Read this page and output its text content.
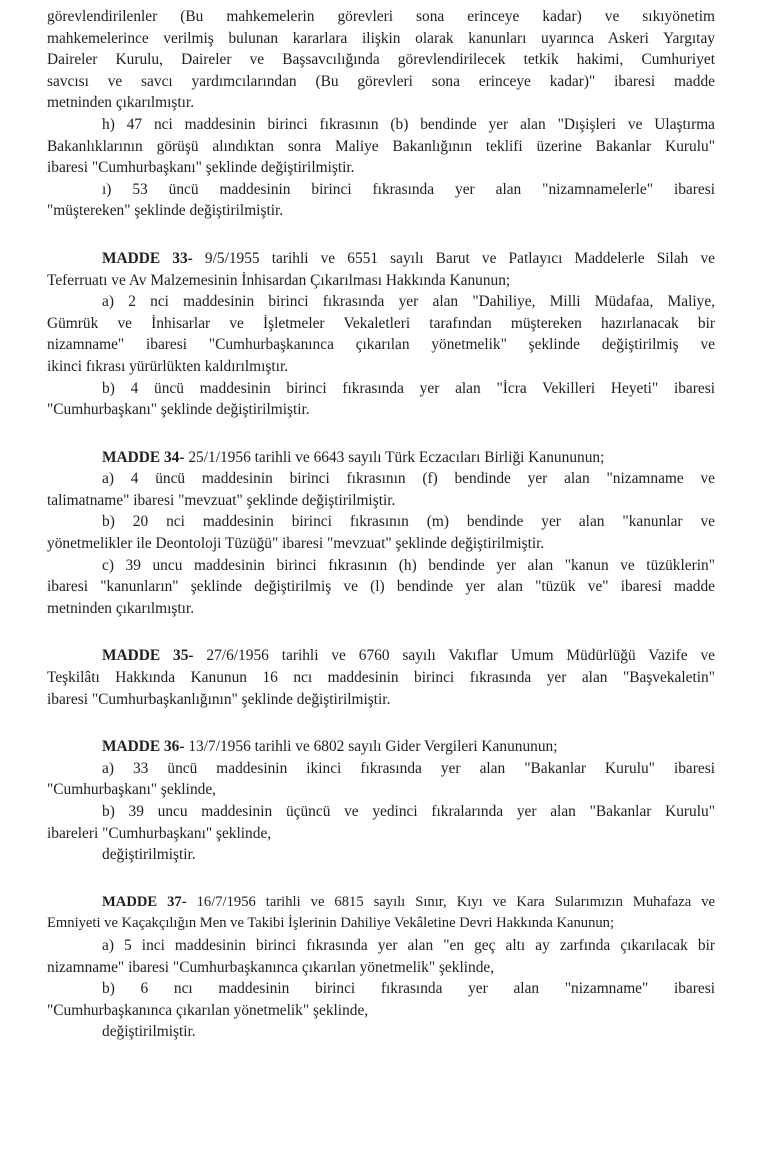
görevlendirilenler (Bu mahkemelerin görevleri sona erinceye kadar) ve sıkıyönetim
mahkemelerince verilmiş bulunan kararlara ilişkin olarak kanunları uyarınca Askeri Yargıtay
Daireler Kurulu, Daireler ve Başsavcılığında görevlendirilecek tetkik hakimi, Cumhuriyet
savcısı ve savcı yardımcılarından (Bu görevleri sona erinceye kadar)" ibaresi madde
metninden çıkarılmıştır.

h) 47 nci maddesinin birinci fıkrasının (b) bendinde yer alan "Dışişleri ve Ulaştırma
Bakanlıklarının görüşü alındıktan sonra Maliye Bakanlığının teklifi üzerine Bakanlar Kurulu"
ibaresi "Cumhurbaşkanı" şeklinde değiştirilmiştir.

ı) 53 üncü maddesinin birinci fıkrasında yer alan "nizamnamelerle" ibaresi
"müştereken" şeklinde değiştirilmiştir.

MADDE 33- 9/5/1955 tarihli ve 6551 sayılı Barut ve Patlayıcı Maddelerle Silah ve
Teferruatı ve Av Malzemesinin İnhisardan Çıkarılması Hakkında Kanunun;

a) 2 nci maddesinin birinci fıkrasında yer alan "Dahiliye, Milli Müdafaa, Maliye,
Gümrük ve İnhisarlar ve İşletmeler Vekaletleri tarafından müştereken hazırlanacak bir
nizamname" ibaresi "Cumhurbaşkanınca çıkarılan yönetmelik" şeklinde değiştirilmiş ve
ikinci fıkrası yürürlükten kaldırılmıştır.

b) 4 üncü maddesinin birinci fıkrasında yer alan "İcra Vekilleri Heyeti" ibaresi
"Cumhurbaşkanı" şeklinde değiştirilmiştir.

MADDE 34- 25/1/1956 tarihli ve 6643 sayılı Türk Eczacıları Birliği Kanununun;

a) 4 üncü maddesinin birinci fıkrasının (f) bendinde yer alan "nizamname ve
talimatname" ibaresi "mevzuat" şeklinde değiştirilmiştir.

b) 20 nci maddesinin birinci fıkrasının (m) bendinde yer alan "kanunlar ve
yönetmelikler ile Deontoloji Tüzüğü" ibaresi "mevzuat" şeklinde değiştirilmiştir.

c) 39 uncu maddesinin birinci fıkrasının (h) bendinde yer alan "kanun ve tüzüklerin"
ibaresi "kanunların" şeklinde değiştirilmiş ve (l) bendinde yer alan "tüzük ve" ibaresi madde
metninden çıkarılmıştır.

MADDE 35- 27/6/1956 tarihli ve 6760 sayılı Vakıflar Umum Müdürlüğü Vazife ve
Teşkilâtı Hakkında Kanunun 16 ncı maddesinin birinci fıkrasında yer alan "Başvekaletin"
ibaresi "Cumhurbaşkanlığının" şeklinde değiştirilmiştir.

MADDE 36- 13/7/1956 tarihli ve 6802 sayılı Gider Vergileri Kanununun;

a) 33 üncü maddesinin ikinci fıkrasında yer alan "Bakanlar Kurulu" ibaresi
"Cumhurbaşkanı" şeklinde,

b) 39 uncu maddesinin üçüncü ve yedinci fıkralarında yer alan "Bakanlar Kurulu"
ibareleri "Cumhurbaşkanı" şeklinde,

değiştirilmiştir.

MADDE 37- 16/7/1956 tarihli ve 6815 sayılı Sınır, Kıyı ve Kara Sularımızın Muhafaza ve
Emniyeti ve Kaçakçılığın Men ve Takibi İşlerinin Dahiliye Vekâletine Devri Hakkında Kanunun;

a) 5 inci maddesinin birinci fıkrasında yer alan "en geç altı ay zarfında çıkarılacak bir
nizamname" ibaresi "Cumhurbaşkanınca çıkarılan yönetmelik" şeklinde,

b) 6 ncı maddesinin birinci fıkrasında yer alan "nizamname" ibaresi
"Cumhurbaşkanınca çıkarılan yönetmelik" şeklinde,

değiştirilmiştir.
